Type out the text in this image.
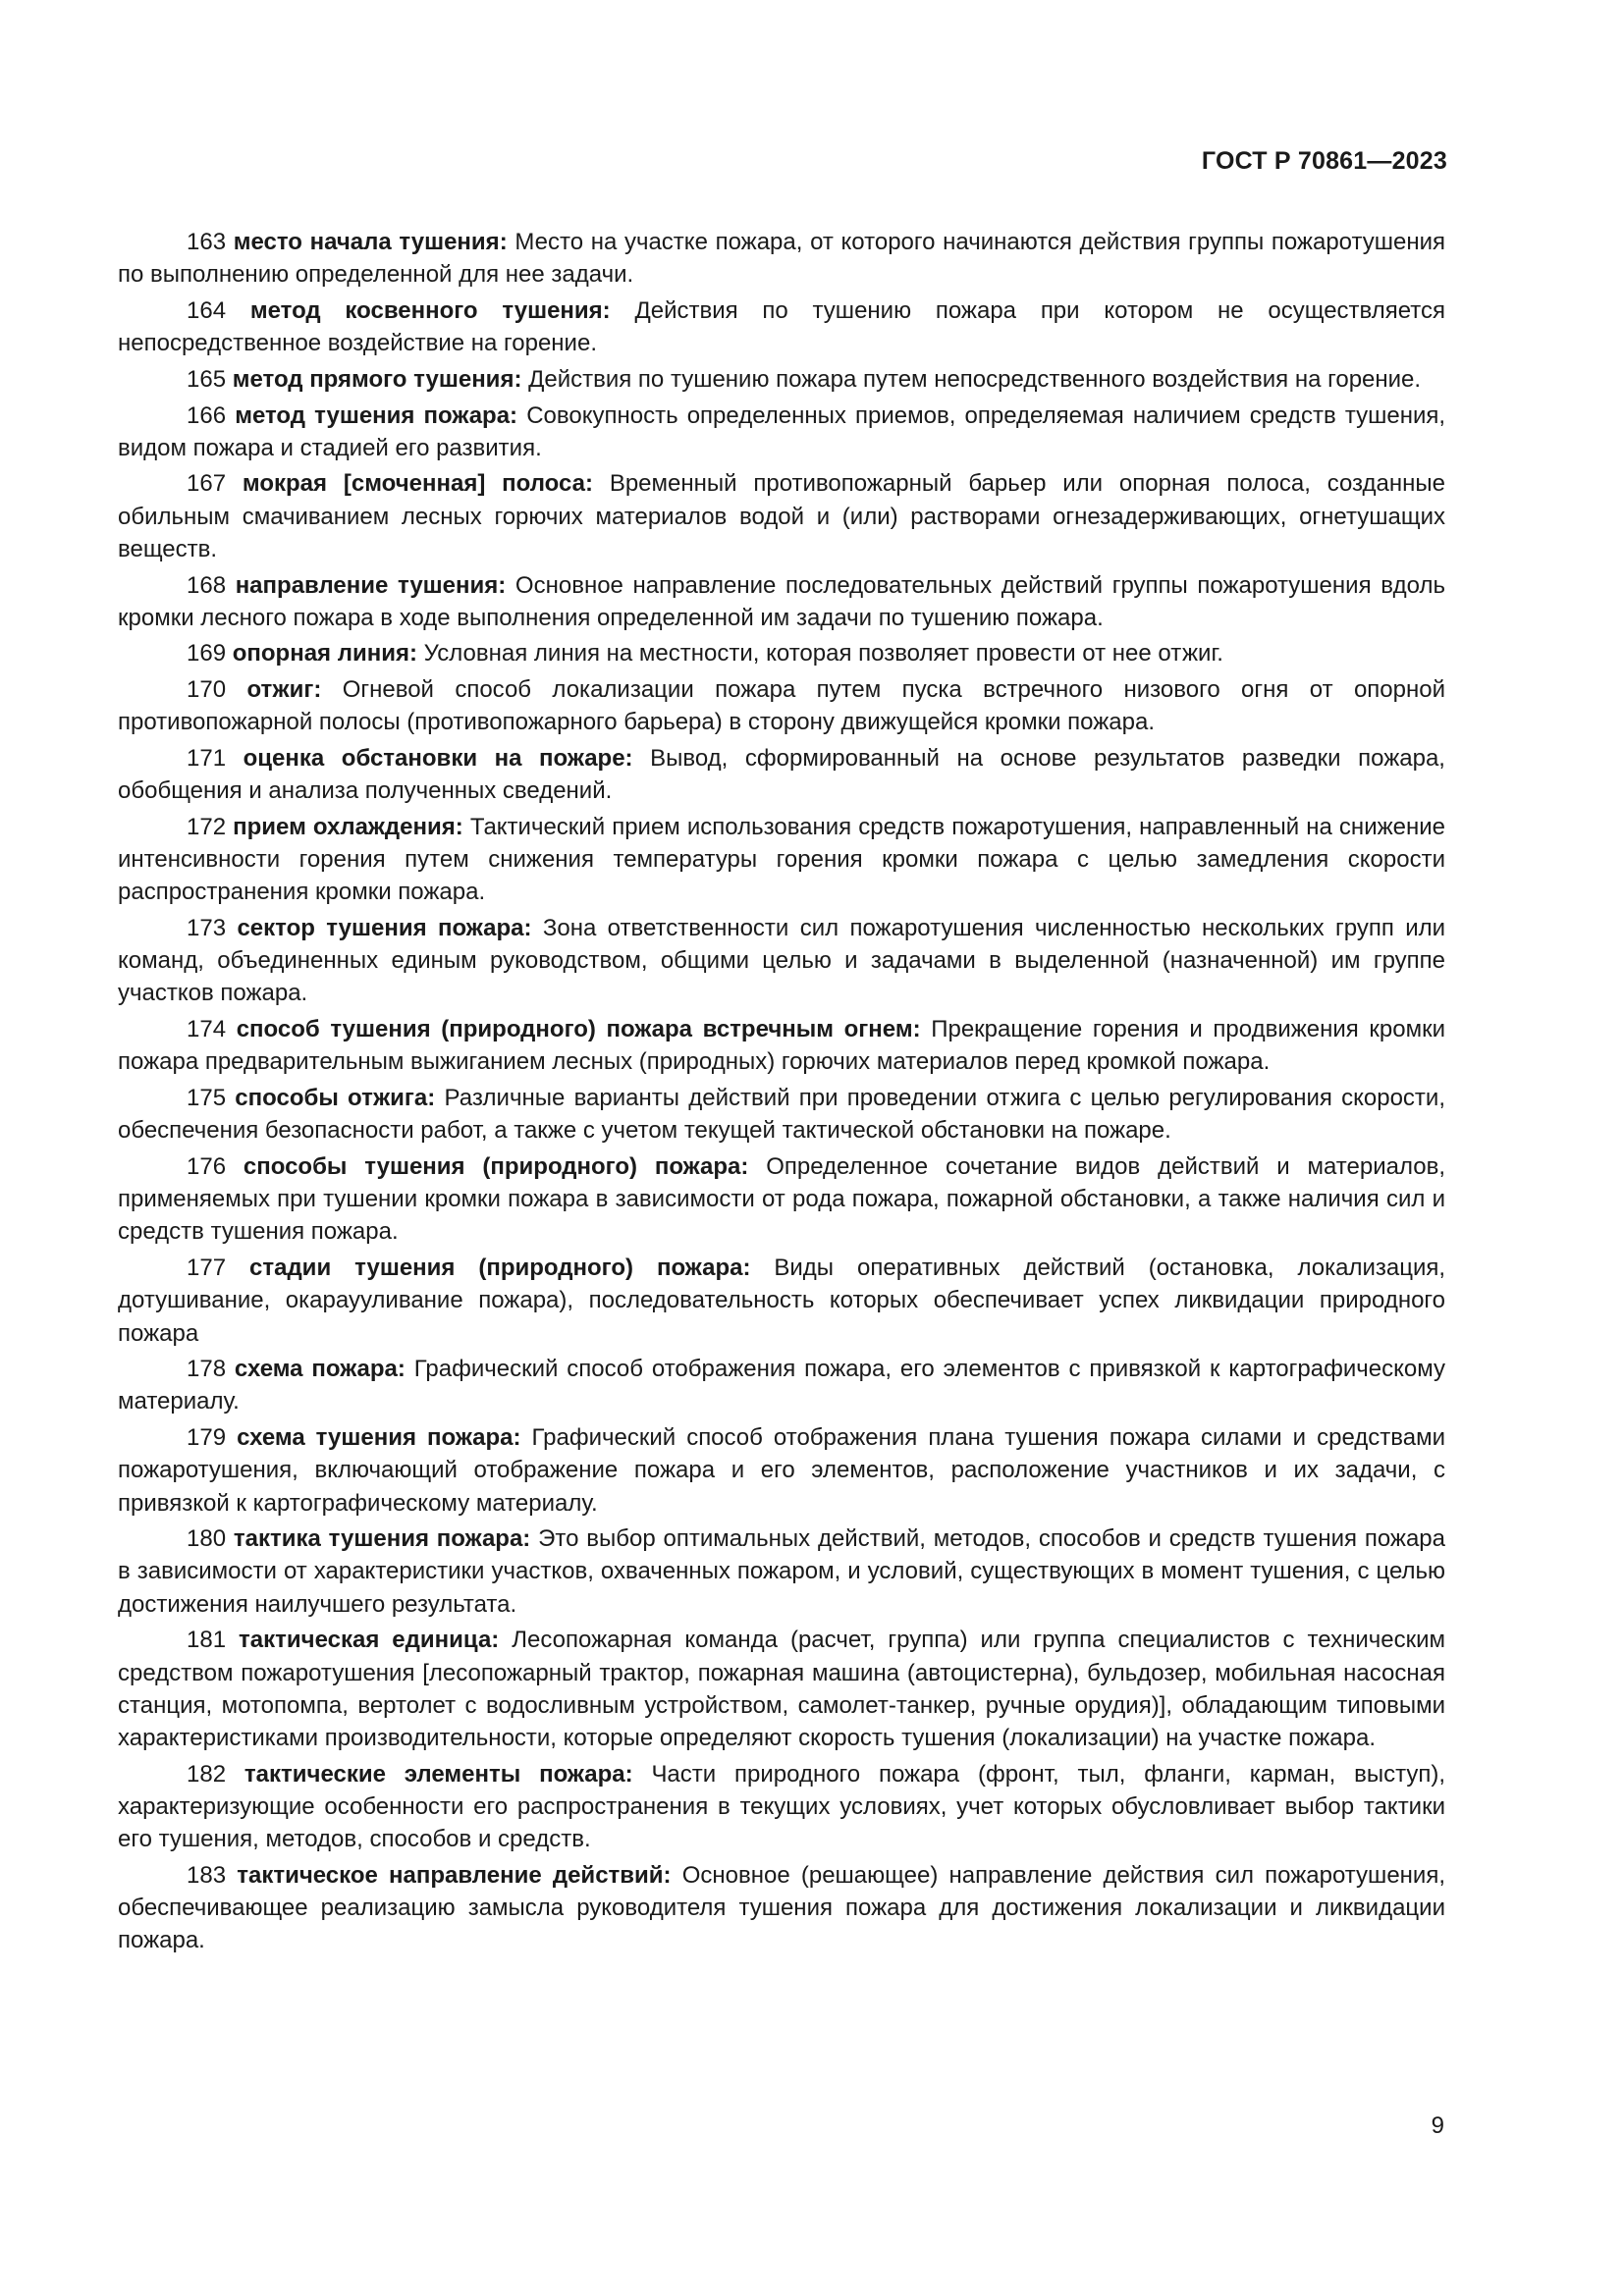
ГОСТ Р 70861—2023

163 место начала тушения: Место на участке пожара, от которого начинаются действия группы пожаротушения по выполнению определенной для нее задачи.

164 метод косвенного тушения: Действия по тушению пожара при котором не осуществляется непосредственное воздействие на горение.

165 метод прямого тушения: Действия по тушению пожара путем непосредственного воздействия на горение.

166 метод тушения пожара: Совокупность определенных приемов, определяемая наличием средств тушения, видом пожара и стадией его развития.

167 мокрая [смоченная] полоса: Временный противопожарный барьер или опорная полоса, созданные обильным смачиванием лесных горючих материалов водой и (или) растворами огнезадерживающих, огнетушащих веществ.

168 направление тушения: Основное направление последовательных действий группы пожаротушения вдоль кромки лесного пожара в ходе выполнения определенной им задачи по тушению пожара.

169 опорная линия: Условная линия на местности, которая позволяет провести от нее отжиг.

170 отжиг: Огневой способ локализации пожара путем пуска встречного низового огня от опорной противопожарной полосы (противопожарного барьера) в сторону движущейся кромки пожара.

171 оценка обстановки на пожаре: Вывод, сформированный на основе результатов разведки пожара, обобщения и анализа полученных сведений.

172 прием охлаждения: Тактический прием использования средств пожаротушения, направленный на снижение интенсивности горения путем снижения температуры горения кромки пожара с целью замедления скорости распространения кромки пожара.

173 сектор тушения пожара: Зона ответственности сил пожаротушения численностью нескольких групп или команд, объединенных единым руководством, общими целью и задачами в выделенной (назначенной) им группе участков пожара.

174 способ тушения (природного) пожара встречным огнем: Прекращение горения и продвижения кромки пожара предварительным выжиганием лесных (природных) горючих материалов перед кромкой пожара.

175 способы отжига: Различные варианты действий при проведении отжига с целью регулирования скорости, обеспечения безопасности работ, а также с учетом текущей тактической обстановки на пожаре.

176 способы тушения (природного) пожара: Определенное сочетание видов действий и материалов, применяемых при тушении кромки пожара в зависимости от рода пожара, пожарной обстановки, а также наличия сил и средств тушения пожара.

177 стадии тушения (природного) пожара: Виды оперативных действий (остановка, локализация, дотушивание, окараууливание пожара), последовательность которых обеспечивает успех ликвидации природного пожара

178 схема пожара: Графический способ отображения пожара, его элементов с привязкой к картографическому материалу.

179 схема тушения пожара: Графический способ отображения плана тушения пожара силами и средствами пожаротушения, включающий отображение пожара и его элементов, расположение участников и их задачи, с привязкой к картографическому материалу.

180 тактика тушения пожара: Это выбор оптимальных действий, методов, способов и средств тушения пожара в зависимости от характеристики участков, охваченных пожаром, и условий, существующих в момент тушения, с целью достижения наилучшего результата.

181 тактическая единица: Лесопожарная команда (расчет, группа) или группа специалистов с техническим средством пожаротушения [лесопожарный трактор, пожарная машина (автоцистерна), бульдозер, мобильная насосная станция, мотопомпа, вертолет с водосливным устройством, самолет-танкер, ручные орудия)], обладающим типовыми характеристиками производительности, которые определяют скорость тушения (локализации) на участке пожара.

182 тактические элементы пожара: Части природного пожара (фронт, тыл, фланги, карман, выступ), характеризующие особенности его распространения в текущих условиях, учет которых обусловливает выбор тактики его тушения, методов, способов и средств.

183 тактическое направление действий: Основное (решающее) направление действия сил пожаротушения, обеспечивающее реализацию замысла руководителя тушения пожара для достижения локализации и ликвидации пожара.

9
